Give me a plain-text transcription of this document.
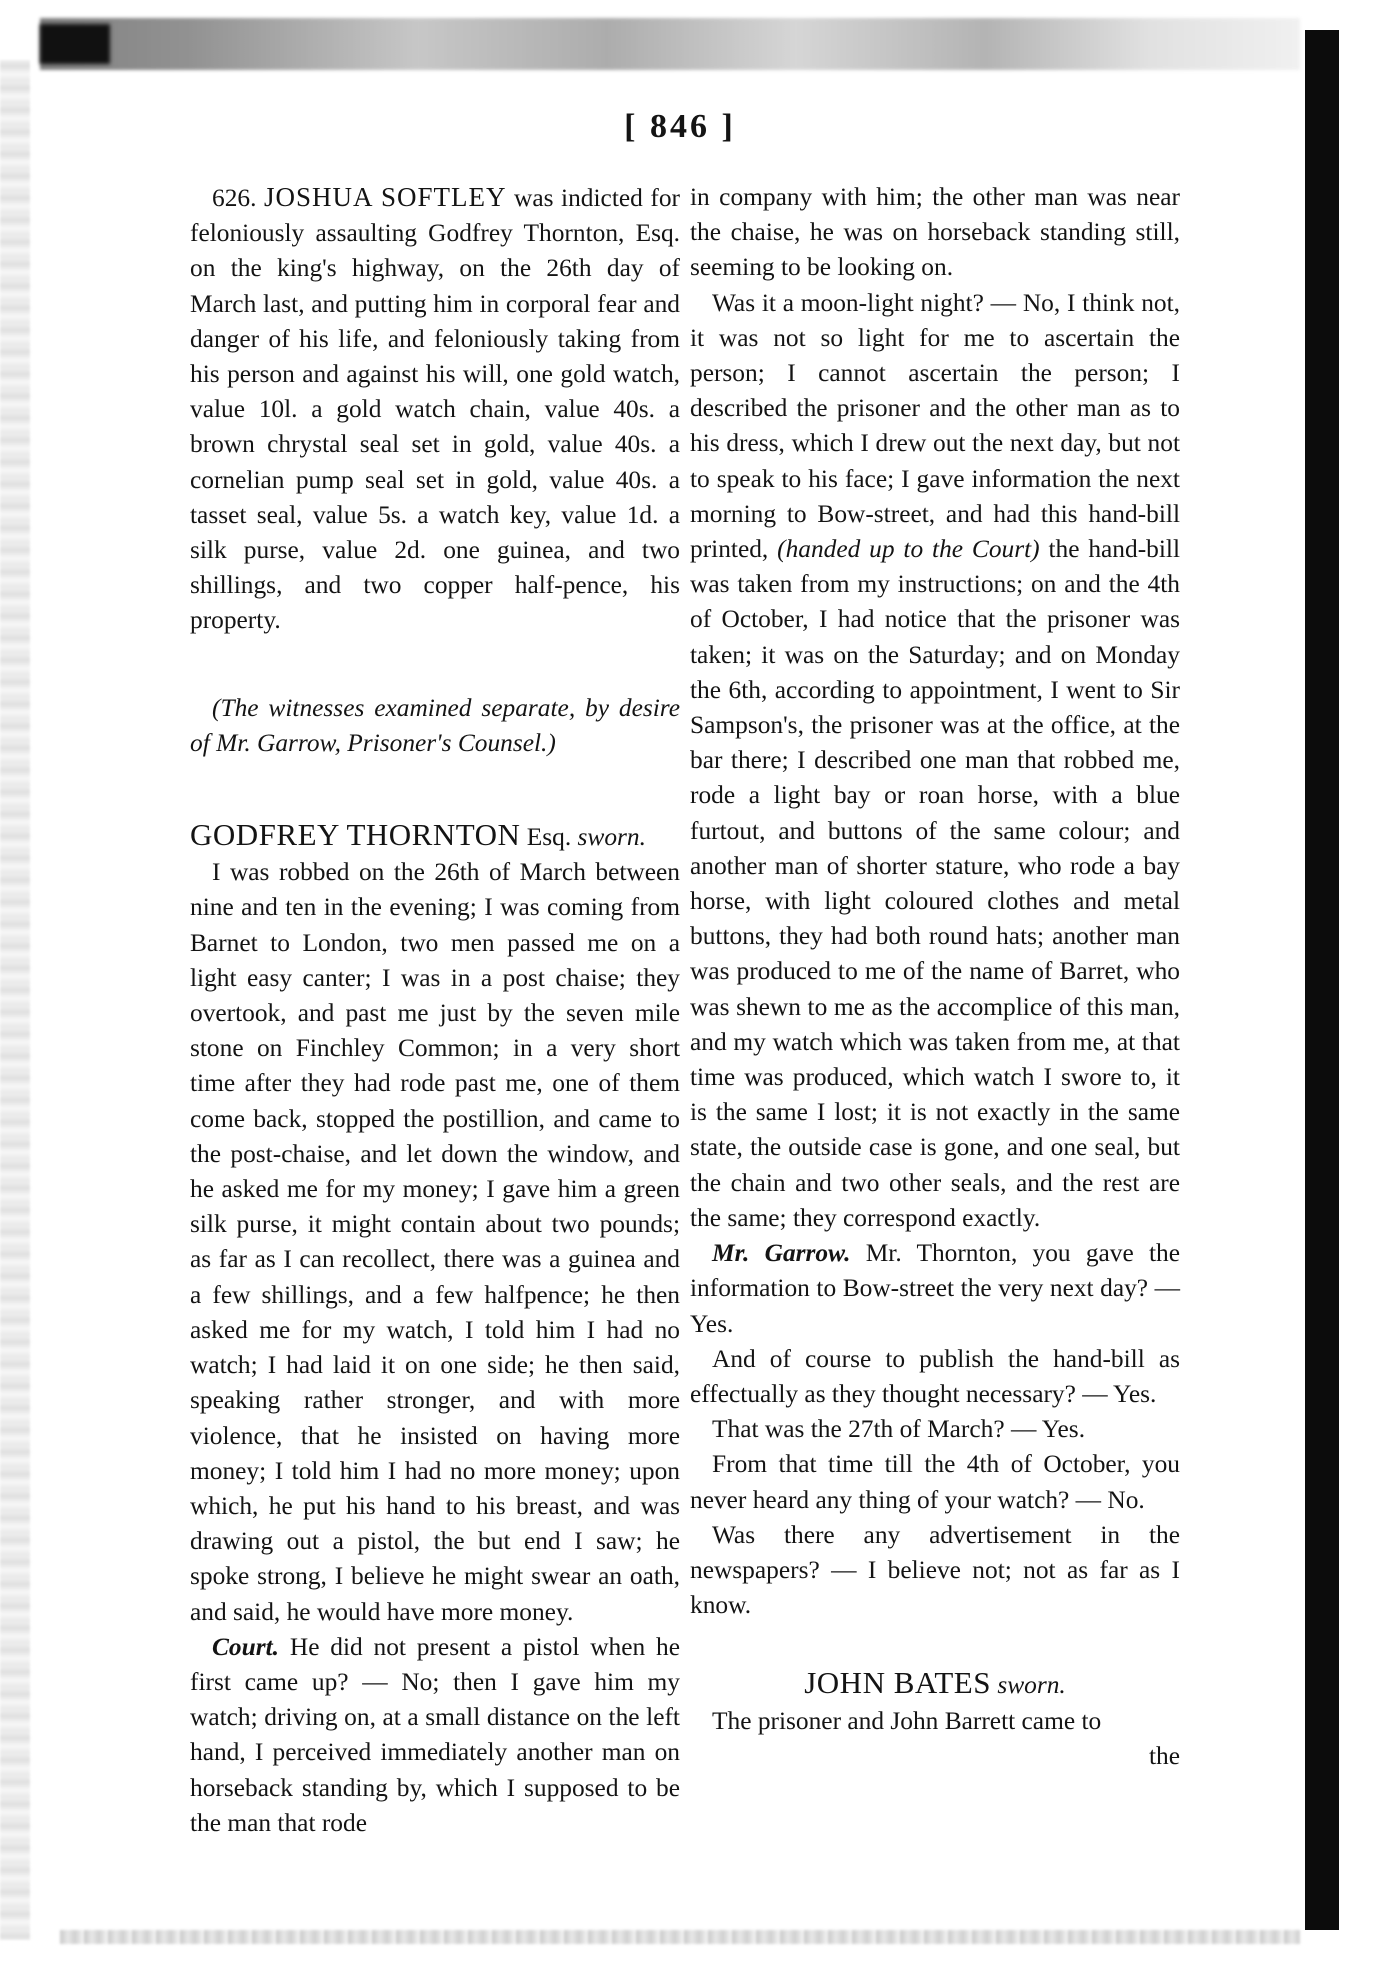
[ 846 ]

626. JOSHUA SOFTLEY was indicted for feloniously assaulting Godfrey Thornton, Esq. on the king's highway, on the 26th day of March last, and putting him in corporal fear and danger of his life, and feloniously taking from his person and against his will, one gold watch, value 10l. a gold watch chain, value 40s. a brown chrystal seal set in gold, value 40s. a cornelian pump seal set in gold, value 40s. a tasset seal, value 5s. a watch key, value 1d. a silk purse, value 2d. one guinea, and two shillings, and two copper half-pence, his property.

(The witnesses examined separate, by desire of Mr. Garrow, Prisoner's Counsel.)

GODFREY THORNTON Esq. sworn.

I was robbed on the 26th of March between nine and ten in the evening; I was coming from Barnet to London, two men passed me on a light easy canter; I was in a post chaise; they overtook, and past me just by the seven mile stone on Finchley Common; in a very short time after they had rode past me, one of them come back, stopped the postillion, and came to the post-chaise, and let down the window, and he asked me for my money; I gave him a green silk purse, it might contain about two pounds; as far as I can recollect, there was a guinea and a few shillings, and a few halfpence; he then asked me for my watch, I told him I had no watch; I had laid it on one side; he then said, speaking rather stronger, and with more violence, that he insisted on having more money; I told him I had no more money; upon which, he put his hand to his breast, and was drawing out a pistol, the but end I saw; he spoke strong, I believe he might swear an oath, and said, he would have more money.

Court. He did not present a pistol when he first came up? — No; then I gave him my watch; driving on, at a small distance on the left hand, I perceived immediately another man on horseback standing by, which I supposed to be the man that rode

in company with him; the other man was near the chaise, he was on horseback standing still, seeming to be looking on.

Was it a moon-light night? — No, I think not, it was not so light for me to ascertain the person; I cannot ascertain the person; I described the prisoner and the other man as to his dress, which I drew out the next day, but not to speak to his face; I gave information the next morning to Bow-street, and had this hand-bill printed, (handed up to the Court) the hand-bill was taken from my instructions; on and the 4th of October, I had notice that the prisoner was taken; it was on the Saturday; and on Monday the 6th, according to appointment, I went to Sir Sampson's, the prisoner was at the office, at the bar there; I described one man that robbed me, rode a light bay or roan horse, with a blue furtout, and buttons of the same colour; and another man of shorter stature, who rode a bay horse, with light coloured clothes and metal buttons, they had both round hats; another man was produced to me of the name of Barret, who was shewn to me as the accomplice of this man, and my watch which was taken from me, at that time was produced, which watch I swore to, it is the same I lost; it is not exactly in the same state, the outside case is gone, and one seal, but the chain and two other seals, and the rest are the same; they correspond exactly.

Mr. Garrow. Mr. Thornton, you gave the information to Bow-street the very next day? — Yes.

And of course to publish the hand-bill as effectually as they thought necessary? — Yes.

That was the 27th of March? — Yes.

From that time till the 4th of October, you never heard any thing of your watch? — No.

Was there any advertisement in the newspapers? — I believe not; not as far as I know.

JOHN BATES sworn.

The prisoner and John Barrett came to

the
